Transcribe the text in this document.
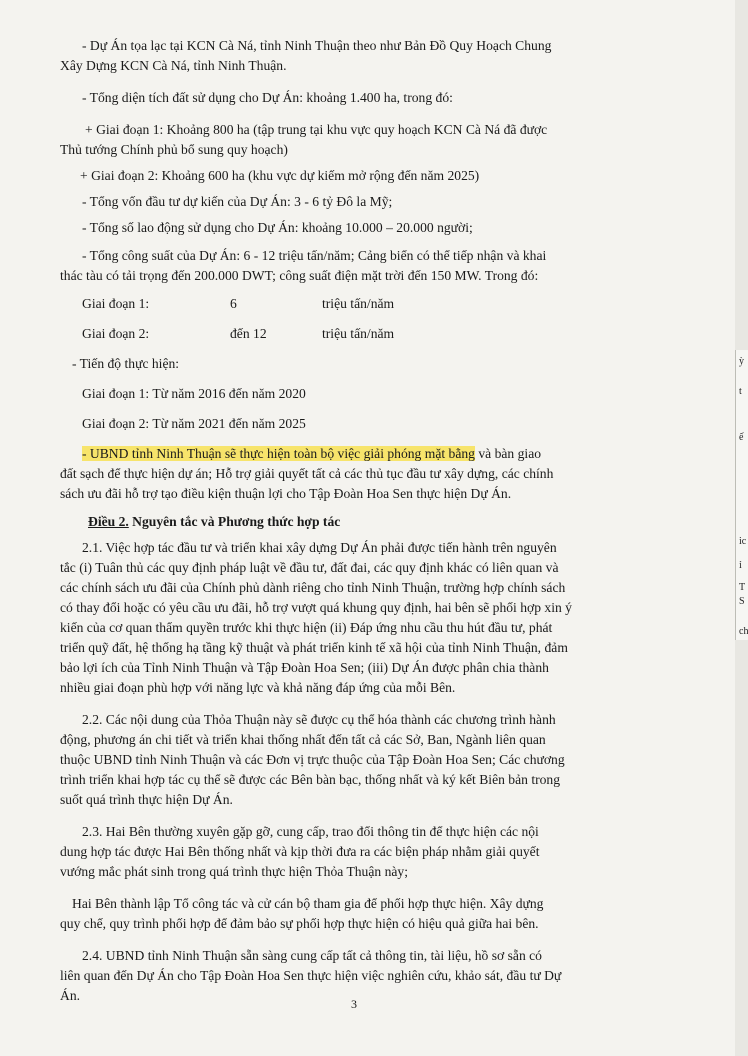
- Dự Án tọa lạc tại KCN Cà Ná, tỉnh Ninh Thuận theo như Bản Đồ Quy Hoạch Chung

Xây Dựng KCN Cà Ná, tỉnh Ninh Thuận.

- Tổng diện tích đất sử dụng cho Dự Án: khoảng 1.400 ha, trong đó:

+ Giai đoạn 1: Khoảng 800 ha (tập trung tại khu vực quy hoạch KCN Cà Ná đã được

Thủ tướng Chính phủ bổ sung quy hoạch)

+ Giai đoạn 2: Khoảng 600 ha (khu vực dự kiếm mở rộng đến năm 2025)

- Tổng vốn đầu tư dự kiến của Dự Án: 3 - 6 tỷ Đô la Mỹ;

- Tổng số lao động sử dụng cho Dự Án: khoảng 10.000 – 20.000 người;

- Tổng công suất của Dự Án: 6 - 12 triệu tấn/năm; Cảng biển có thể tiếp nhận và khai

thác tàu có tải trọng đến 200.000 DWT; công suất điện mặt trời đến 150 MW. Trong đó:

Giai đoạn 1:	6	triệu tấn/năm
Giai đoạn 2:	đến 12	triệu tấn/năm

- Tiến độ thực hiện:

Giai đoạn 1: Từ năm 2016 đến năm 2020

Giai đoạn 2: Từ năm 2021 đến năm 2025

- UBND tỉnh Ninh Thuận sẽ thực hiện toàn bộ việc giải phóng mặt bằng và bàn giao

đất sạch để thực hiện dự án; Hỗ trợ giải quyết tất cả các thủ tục đầu tư xây dựng, các chính

sách ưu đãi hỗ trợ tạo điều kiện thuận lợi cho Tập Đoàn Hoa Sen thực hiện Dự Án.

Điều 2. Nguyên tắc và Phương thức hợp tác

2.1. Việc hợp tác đầu tư và triển khai xây dựng Dự Án phải được tiến hành trên nguyên

tắc (i) Tuân thủ các quy định pháp luật về đầu tư, đất đai, các quy định khác có liên quan và

các chính sách ưu đãi của Chính phủ dành riêng cho tỉnh Ninh Thuận, trường hợp chính sách

có thay đổi hoặc có yêu cầu ưu đãi, hỗ trợ vượt quá khung quy định, hai bên sẽ phối hợp xin ý

kiến của cơ quan thẩm quyền trước khi thực hiện (ii) Đáp ứng nhu cầu thu hút đầu tư, phát

triển quỹ đất, hệ thống hạ tầng kỹ thuật và phát triển kinh tế xã hội của tỉnh Ninh Thuận, đảm

bảo lợi ích của Tỉnh Ninh Thuận và Tập Đoàn Hoa Sen; (iii) Dự Án được phân chia thành

nhiều giai đoạn phù hợp với năng lực và khả năng đáp ứng của mỗi Bên.

2.2. Các nội dung của Thỏa Thuận này sẽ được cụ thể hóa thành các chương trình hành

động, phương án chi tiết và triển khai thống nhất đến tất cả các Sở, Ban, Ngành liên quan

thuộc UBND tỉnh Ninh Thuận và các Đơn vị trực thuộc của Tập Đoàn Hoa Sen; Các chương

trình triển khai hợp tác cụ thể sẽ được các Bên bàn bạc, thống nhất và ký kết Biên bản trong

suốt quá trình thực hiện Dự Án.

2.3. Hai Bên thường xuyên gặp gỡ, cung cấp, trao đổi thông tin để thực hiện các nội

dung hợp tác được Hai Bên thống nhất và kịp thời đưa ra các biện pháp nhằm giải quyết

vướng mắc phát sinh trong quá trình thực hiện Thỏa Thuận này;

Hai Bên thành lập Tổ công tác và cử cán bộ tham gia để phối hợp thực hiện. Xây dựng

quy chế, quy trình phối hợp để đảm bảo sự phối hợp thực hiện có hiệu quả giữa hai bên.

2.4. UBND tỉnh Ninh Thuận sẵn sàng cung cấp tất cả thông tin, tài liệu, hồ sơ sẵn có

liên quan đến Dự Án cho Tập Đoàn Hoa Sen thực hiện việc nghiên cứu, khảo sát, đầu tư Dự

Án.

3
ỳ
t
ế
ic
ỉ
T
S
ch
